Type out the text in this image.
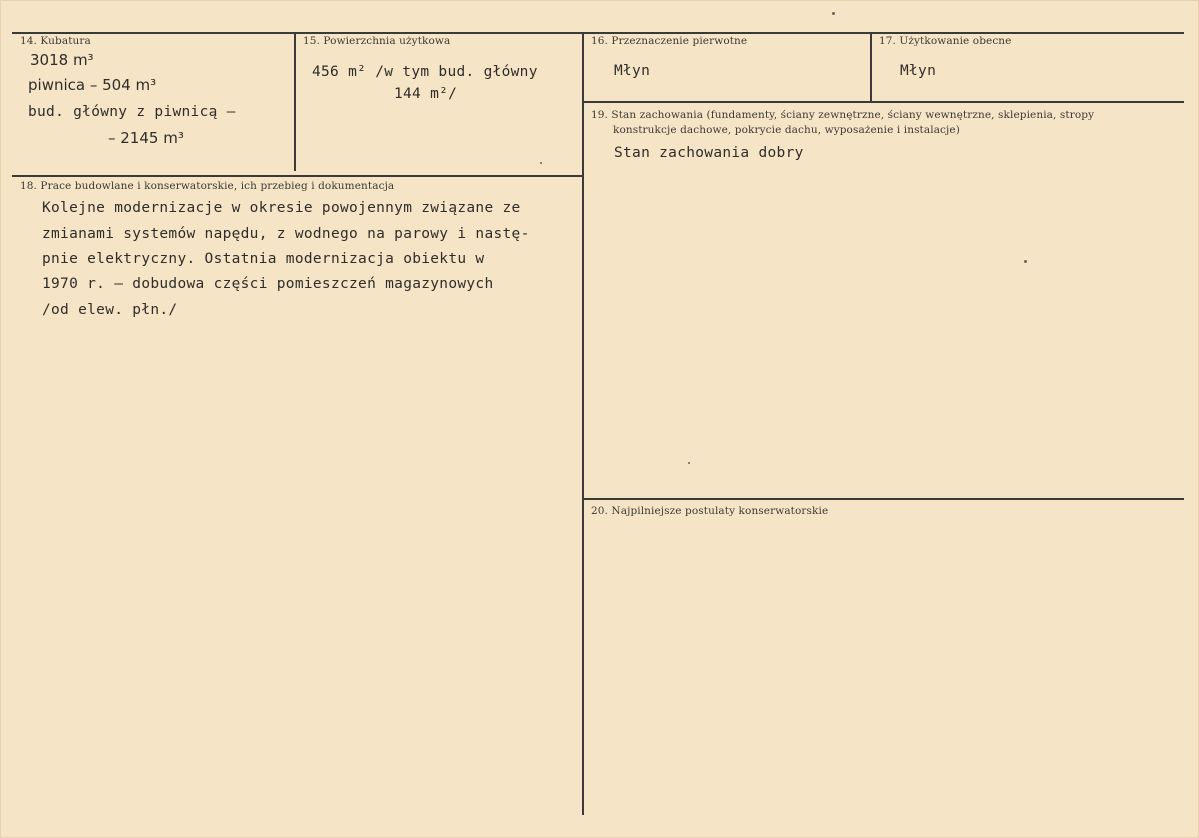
14. Kubatura
3018 m³
piwnica – 504 m³
bud. główny z piwnicą –
– 2145 m³
15. Powierzchnia użytkowa
456 m² /w tym bud. główny
144 m²/
16. Przeznaczenie pierwotne
Młyn
17. Użytkowanie obecne
Młyn
19. Stan zachowania (fundamenty, ściany zewnętrzne, ściany wewnętrzne, sklepienia, stropy
konstrukcje dachowe, pokrycie dachu, wyposażenie i instalacje)
Stan zachowania dobry
18. Prace budowlane i konserwatorskie, ich przebieg i dokumentacja
Kolejne modernizacje w okresie powojennym związane ze
zmianami systemów napędu, z wodnego na parowy i nastę-
pnie elektryczny. Ostatnia modernizacja obiektu w
1970 r. – dobudowa części pomieszczeń magazynowych
/od elew. płn./
20. Najpilniejsze postulaty konserwatorskie
